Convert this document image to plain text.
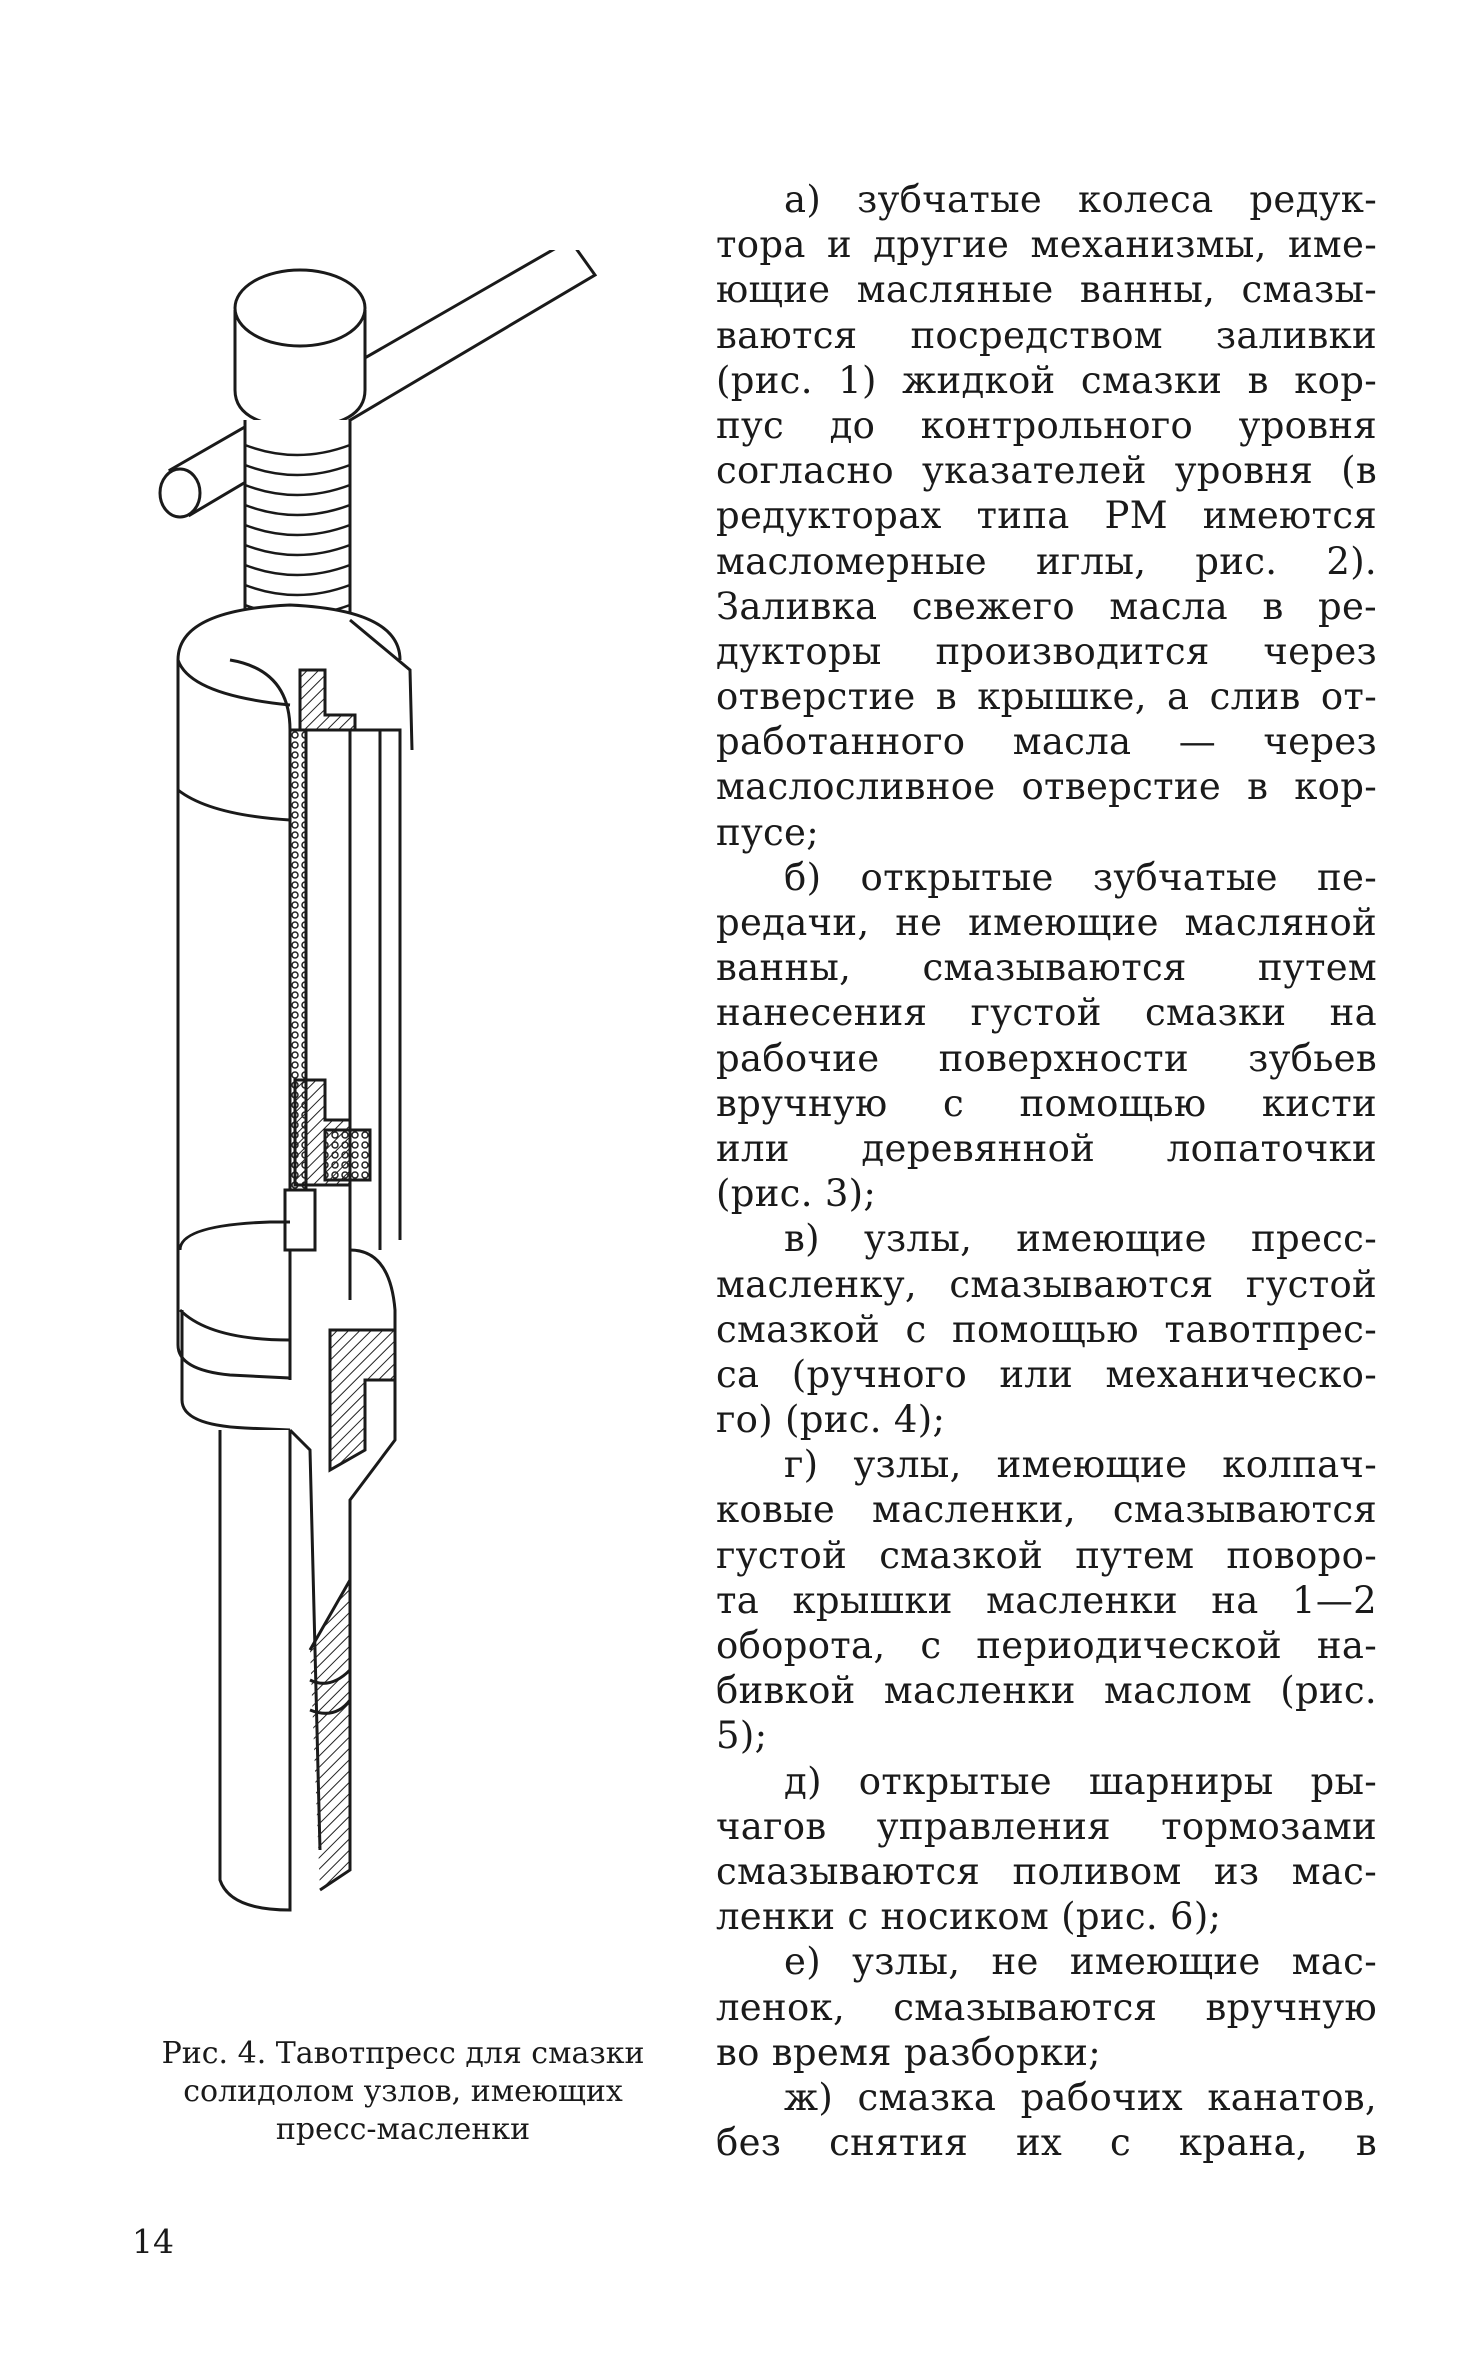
Рис. 4. Тавотпресс для смазки
солидолом узлов, имеющих
пресс-масленки
а) зубчатые колеса редук-
тора и другие механизмы, име-
ющие масляные ванны, смазы-
ваются посредством заливки
(рис. 1) жидкой смазки в кор-
пус до контрольного уровня
согласно указателей уровня (в
редукторах типа РМ имеются
масломерные иглы, рис. 2).
Заливка свежего масла в ре-
дукторы производится через
отверстие в крышке, а слив от-
работанного масла — через
маслосливное отверстие в кор-
пусе;
б) открытые зубчатые пе-
редачи, не имеющие масляной
ванны, смазываются путем
нанесения густой смазки на
рабочие поверхности зубьев
вручную с помощью кисти
или деревянной лопаточки
(рис. 3);
в) узлы, имеющие пресс-
масленку, смазываются густой
смазкой с помощью тавотпрес-
са (ручного или механическо-
го) (рис. 4);
г) узлы, имеющие колпач-
ковые масленки, смазываются
густой смазкой путем поворо-
та крышки масленки на 1—2
оборота, с периодической на-
бивкой масленки маслом (рис.
5);
д) открытые шарниры ры-
чагов управления тормозами
смазываются поливом из мас-
ленки с носиком (рис. 6);
е) узлы, не имеющие мас-
ленок, смазываются вручную
во время разборки;
ж) смазка рабочих канатов,
без снятия их с крана, в
14
